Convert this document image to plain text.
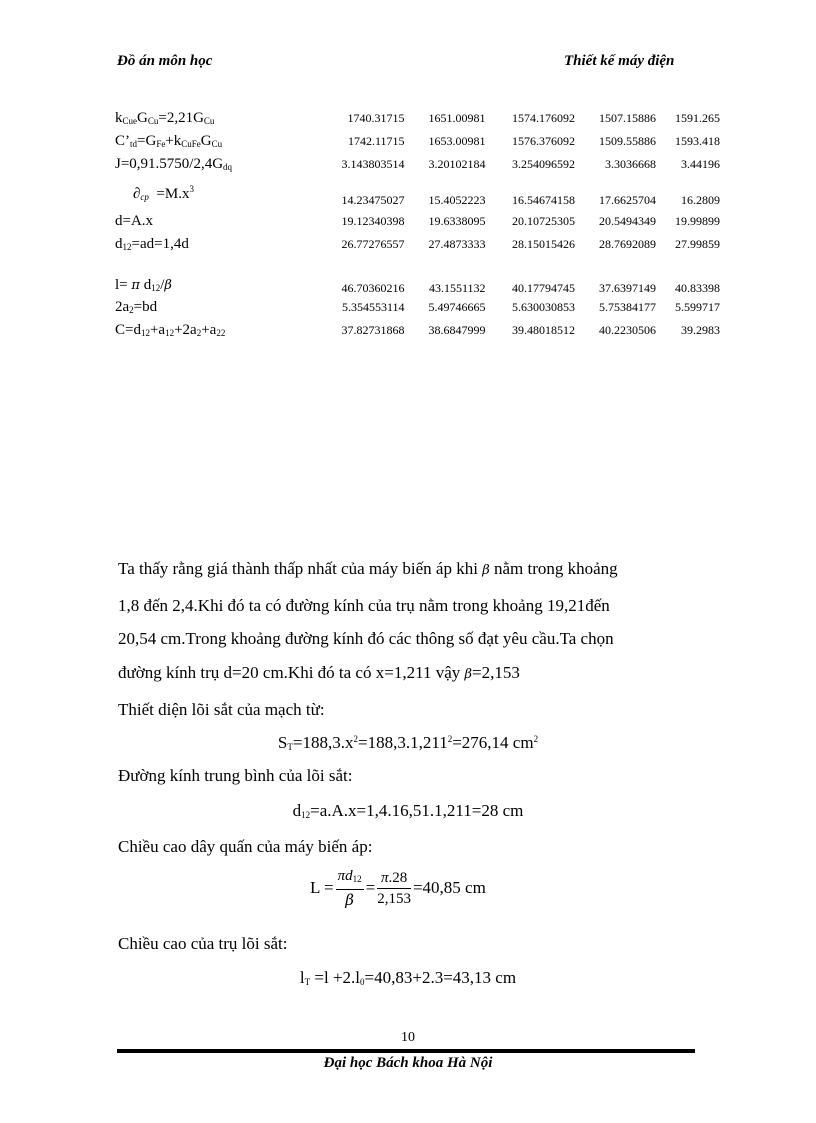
Đồ án môn học	Thiết kế máy điện
$k_{Cue}G_{Cu}=2,21G_{Cu}$	1740.31715	1651.00981	1574.176092	1507.15886	1591.265
$C’_{td}=G_{Fe}+k_{CuFe}G_{Cu}$	1742.11715	1653.00981	1576.376092	1509.55886	1593.418
$J=0,91.5750/2,4G_{dq}$	3.143803514	3.20102184	3.254096592	3.3036668	3.44196
$\partial_{cp} =M.x^3$	14.23475027	15.4052223	16.54674158	17.6625704	16.2809
d=A.x	19.12340398	19.6338095	20.10725305	20.5494349	19.99899
$d_{12}=ad=1,4d$	26.77276557	27.4873333	28.15015426	28.7692089	27.99859
l= π $d_{12}/\beta$	46.70360216	43.1551132	40.17794745	37.6397149	40.83398
$2a_2=bd$	5.354553114	5.49746665	5.630030853	5.75384177	5.599717
$C=d_{12}+a_{12}+2a_2+a_{22}$	37.82731868	38.6847999	39.48018512	40.2230506	39.2983
Ta thấy rằng giá thành thấp nhất của máy biến áp khi β nằm trong khoảng
1,8 đến 2,4.Khi đó ta có đường kính của trụ nằm trong khoảng 19,21đến
20,54 cm.Trong khoảng đường kính đó các thông số đạt yêu cầu.Ta chọn
đường kính trụ d=20 cm.Khi đó ta có x=1,211 vậy β=2,153
Thiết diện lõi sắt của mạch từ:
$S_T=188,3.x^2=188,3.1,211^2=276,14$ $cm^2$
Đường kính trung bình của lõi sắt:
$d_{12}=a.A.x=1,4.16,51.1,211=28$ cm
Chiều cao dây quấn của máy biến áp:
$L = \frac{\pi d_{12}}{\beta} = \frac{\pi.28}{2,153} =40,85$ cm
Chiều cao của trụ lõi sắt:
$l_T =l +2.l_0=40,83+2.3=43,13$ cm
10
Đại học Bách khoa Hà Nội
